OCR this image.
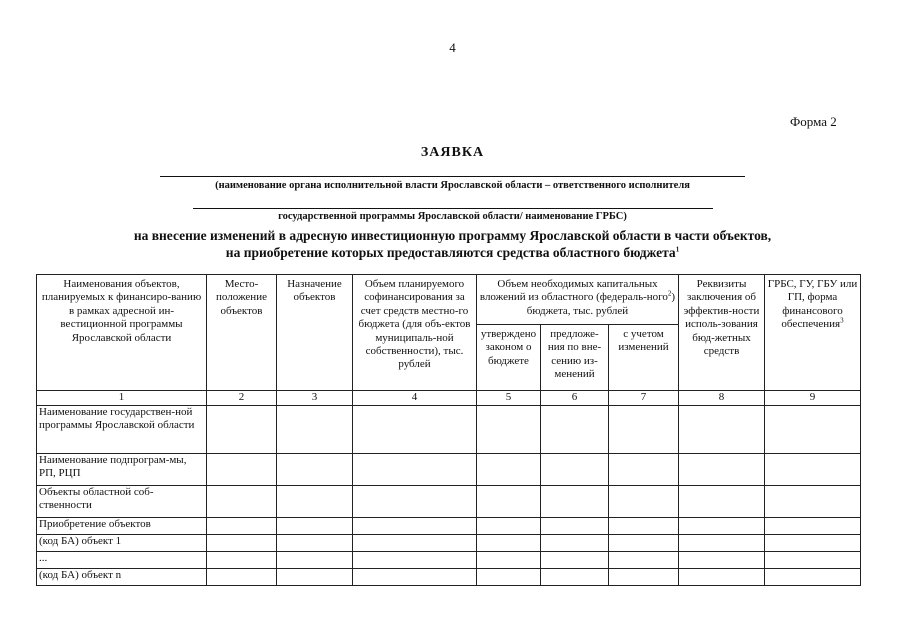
4
Форма 2
ЗАЯВКА
(наименование органа исполнительной власти Ярославской области – ответственного исполнителя
государственной программы Ярославской области/ наименование ГРБС)
на внесение изменений в адресную инвестиционную программу Ярославской области в части объектов,
на приобретение которых предоставляются средства областного бюджета$^1$
Наименования объектов, планируемых к финансиро-ванию в рамках адресной ин-вестиционной программы Ярославской области	Место-положение объектов	Назначение объектов	Объем планируемого софинансирования за счет средств местно-го бюджета (для объ-ектов муниципаль-ной собственности), тыс. рублей	Объем необходимых капитальных вложений из областного (федераль-ного$^2$) бюджета, тыс. рублей			Реквизиты заключения об эффектив-ности исполь-зования бюд-жетных средств	ГРБС, ГУ, ГБУ или ГП, форма финансового обеспечения$^3$
				утверждено законом о бюджете	предложе-ния по вне-сению из-менений	с учетом изменений		
1	2	3	4	5	6	7	8	9
Наименование государствен-ной программы Ярославской области								
Наименование подпрограм-мы, РП, РЦП								
Объекты областной соб-ственности								
Приобретение объектов								
(код БА) объект 1								
...								
(код БА) объект n								
